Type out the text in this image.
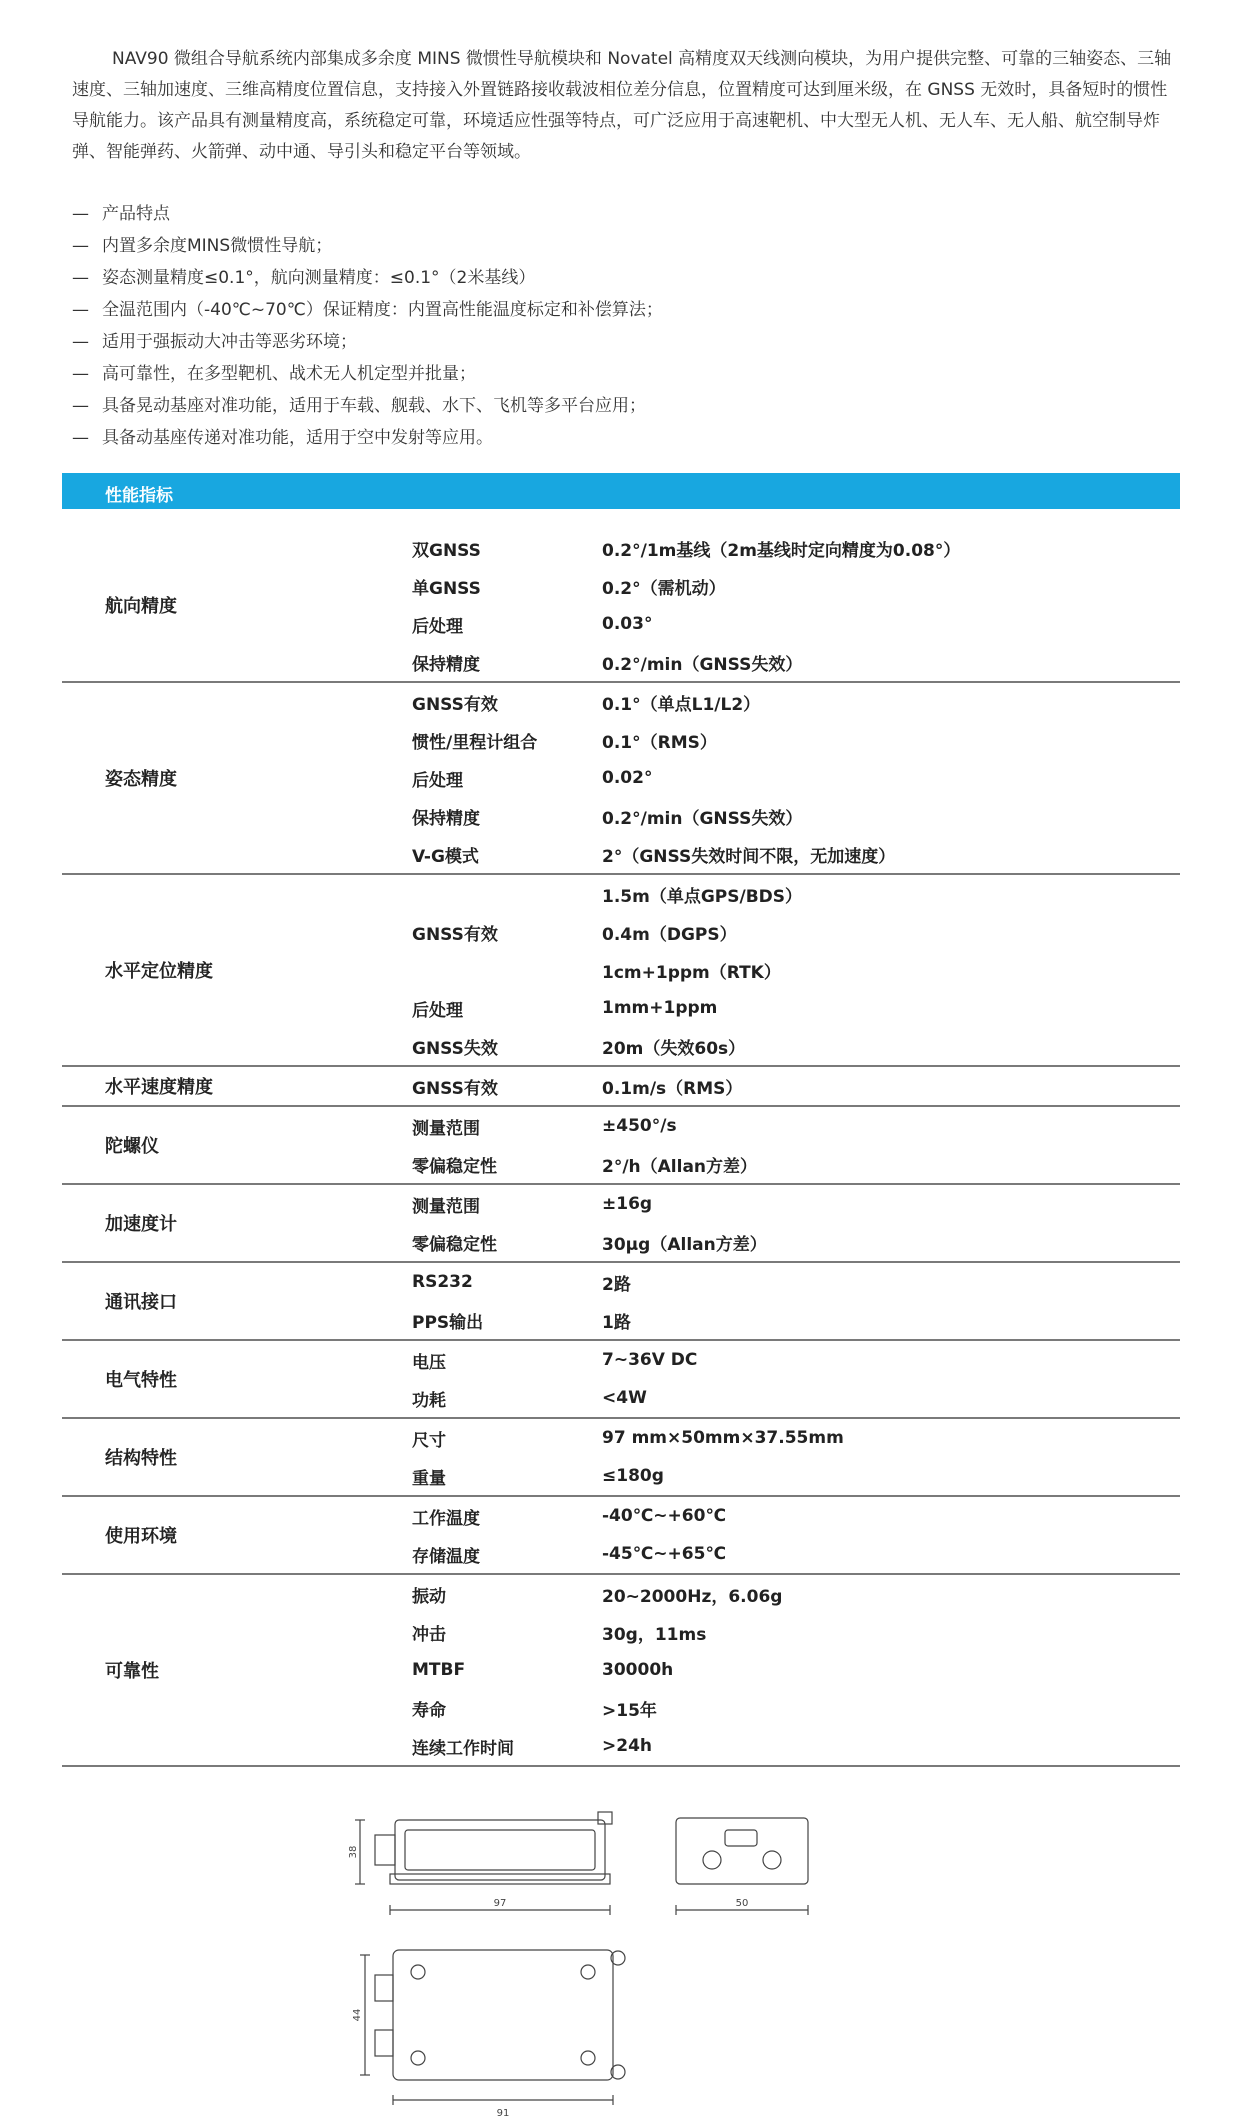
NAV90 微组合导航系统内部集成多余度 MINS 微惯性导航模块和 Novatel 高精度双天线测向模块，为用户提供完整、可靠的三轴姿态、三轴速度、三轴加速度、三维高精度位置信息，支持接入外置链路接收载波相位差分信息，位置精度可达到厘米级，在 GNSS 无效时，具备短时的惯性导航能力。该产品具有测量精度高，系统稳定可靠，环境适应性强等特点，可广泛应用于高速靶机、中大型无人机、无人车、无人船、航空制导炸弹、智能弹药、火箭弹、动中通、导引头和稳定平台等领域。

— 产品特点
— 内置多余度MINS微惯性导航；
— 姿态测量精度≤0.1°，航向测量精度：≤0.1°（2米基线）
— 全温范围内（-40℃~70℃）保证精度：内置高性能温度标定和补偿算法；
— 适用于强振动大冲击等恶劣环境；
— 高可靠性，在多型靶机、战术无人机定型并批量；
— 具备晃动基座对准功能，适用于车载、舰载、水下、飞机等多平台应用；
— 具备动基座传递对准功能，适用于空中发射等应用。
性能指标
航向精度
双GNSS	0.2°/1m基线（2m基线时定向精度为0.08°）
单GNSS	0.2°（需机动）
后处理	0.03°
保持精度	0.2°/min（GNSS失效）
姿态精度
GNSS有效	0.1°（单点L1/L2）
惯性/里程计组合	0.1°（RMS）
后处理	0.02°
保持精度	0.2°/min（GNSS失效）
V-G模式	2°（GNSS失效时间不限，无加速度）
水平定位精度
GNSS有效
1.5m（单点GPS/BDS）
0.4m（DGPS）
1cm+1ppm（RTK）
后处理	1mm+1ppm
GNSS失效	20m（失效60s）
水平速度精度	GNSS有效	0.1m/s（RMS）
陀螺仪
测量范围	±450°/s
零偏稳定性	2°/h（Allan方差）
加速度计
测量范围	±16g
零偏稳定性	30μg（Allan方差）
通讯接口
RS232	2路
PPS输出	1路
电气特性
电压	7~36V DC
功耗	<4W
结构特性
尺寸	97 mm×50mm×37.55mm
重量	≤180g
使用环境
工作温度	-40℃~+60℃
存储温度	-45℃~+65℃
可靠性
振动	20~2000Hz，6.06g
冲击	30g，11ms
MTBF	30000h
寿命	>15年
连续工作时间	>24h
97
38
50
91
44
